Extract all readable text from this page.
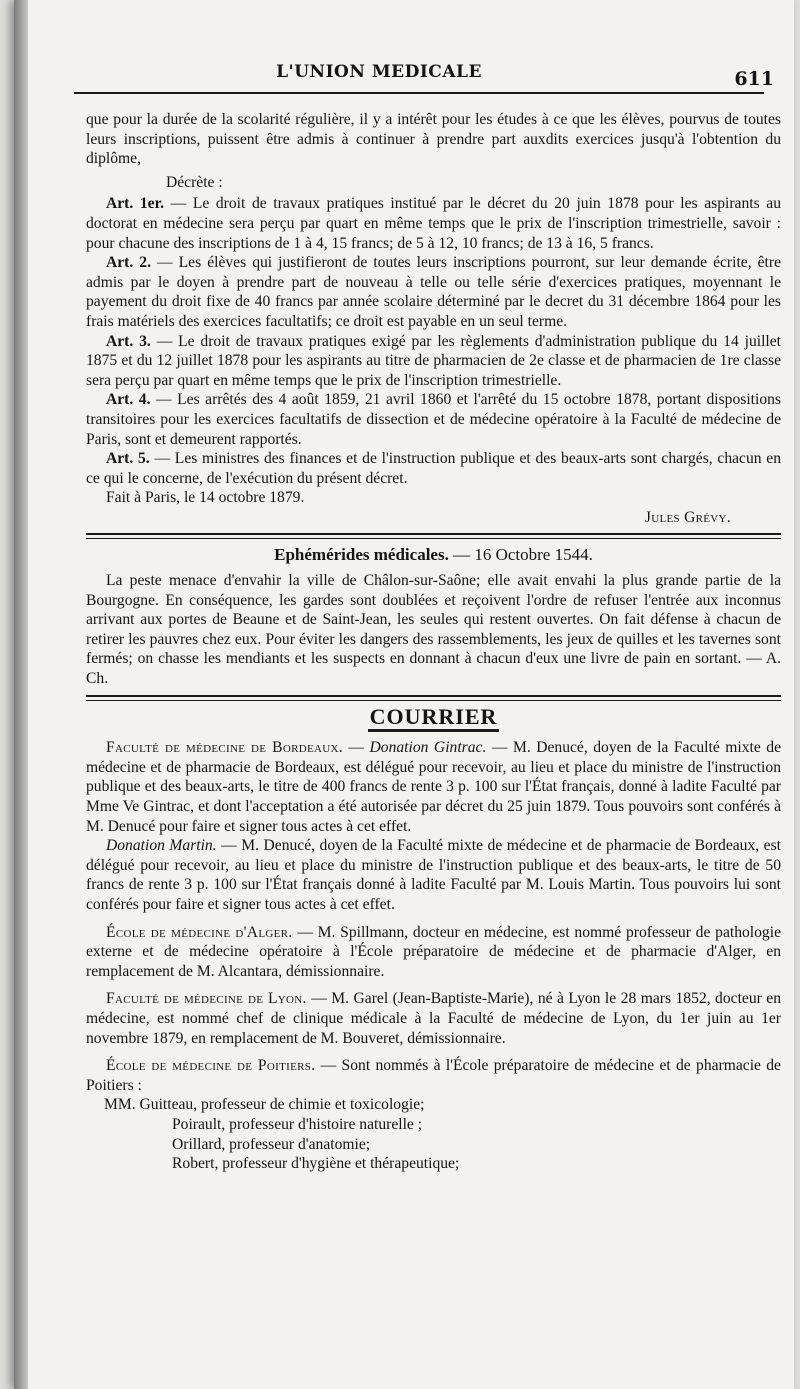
L'UNION MEDICALE	611

que pour la durée de la scolarité régulière, il y a intérêt pour les études à ce que les élèves, pourvus de toutes leurs inscriptions, puissent être admis à continuer à prendre part auxdits exercices jusqu'à l'obtention du diplôme,

Décrète :

Art. 1er. — Le droit de travaux pratiques institué par le décret du 20 juin 1878 pour les aspirants au doctorat en médecine sera perçu par quart en même temps que le prix de l'inscription trimestrielle, savoir : pour chacune des inscriptions de 1 à 4, 15 francs; de 5 à 12, 10 francs; de 13 à 16, 5 francs.

Art. 2. — Les élèves qui justifieront de toutes leurs inscriptions pourront, sur leur demande écrite, être admis par le doyen à prendre part de nouveau à telle ou telle série d'exercices pratiques, moyennant le payement du droit fixe de 40 francs par année scolaire déterminé par le decret du 31 décembre 1864 pour les frais matériels des exercices facultatifs; ce droit est payable en un seul terme.

Art. 3. — Le droit de travaux pratiques exigé par les règlements d'administration publique du 14 juillet 1875 et du 12 juillet 1878 pour les aspirants au titre de pharmacien de 2e classe et de pharmacien de 1re classe sera perçu par quart en même temps que le prix de l'inscription trimestrielle.

Art. 4. — Les arrêtés des 4 août 1859, 21 avril 1860 et l'arrêté du 15 octobre 1878, portant dispositions transitoires pour les exercices facultatifs de dissection et de médecine opératoire à la Faculté de médecine de Paris, sont et demeurent rapportés.

Art. 5. — Les ministres des finances et de l'instruction publique et des beaux-arts sont chargés, chacun en ce qui le concerne, de l'exécution du présent décret.

Fait à Paris, le 14 octobre 1879.

Jules Grévy.

Ephémérides médicales. — 16 Octobre 1544.

La peste menace d'envahir la ville de Châlon-sur-Saône; elle avait envahi la plus grande partie de la Bourgogne. En conséquence, les gardes sont doublées et reçoivent l'ordre de refuser l'entrée aux inconnus arrivant aux portes de Beaune et de Saint-Jean, les seules qui restent ouvertes. On fait défense à chacun de retirer les pauvres chez eux. Pour éviter les dangers des rassemblements, les jeux de quilles et les tavernes sont fermés; on chasse les mendiants et les suspects en donnant à chacun d'eux une livre de pain en sortant. — A. Ch.

COURRIER

Faculté de médecine de Bordeaux. — Donation Gintrac. — M. Denucé, doyen de la Faculté mixte de médecine et de pharmacie de Bordeaux, est délégué pour recevoir, au lieu et place du ministre de l'instruction publique et des beaux-arts, le titre de 400 francs de rente 3 p. 100 sur l'État français, donné à ladite Faculté par Mme Ve Gintrac, et dont l'acceptation a été autorisée par décret du 25 juin 1879. Tous pouvoirs sont conférés à M. Denucé pour faire et signer tous actes à cet effet.

Donation Martin. — M. Denucé, doyen de la Faculté mixte de médecine et de pharmacie de Bordeaux, est délégué pour recevoir, au lieu et place du ministre de l'instruction publique et des beaux-arts, le titre de 50 francs de rente 3 p. 100 sur l'État français donné à ladite Faculté par M. Louis Martin. Tous pouvoirs lui sont conférés pour faire et signer tous actes à cet effet.

École de médecine d'Alger. — M. Spillmann, docteur en médecine, est nommé professeur de pathologie externe et de médecine opératoire à l'École préparatoire de médecine et de pharmacie d'Alger, en remplacement de M. Alcantara, démissionnaire.

Faculté de médecine de Lyon. — M. Garel (Jean-Baptiste-Marie), né à Lyon le 28 mars 1852, docteur en médecine, est nommé chef de clinique médicale à la Faculté de médecine de Lyon, du 1er juin au 1er novembre 1879, en remplacement de M. Bouveret, démissionnaire.

École de médecine de Poitiers. — Sont nommés à l'École préparatoire de médecine et de pharmacie de Poitiers :

MM. Guitteau, professeur de chimie et toxicologie;

Poirault, professeur d'histoire naturelle ;

Orillard, professeur d'anatomie;

Robert, professeur d'hygiène et thérapeutique;
